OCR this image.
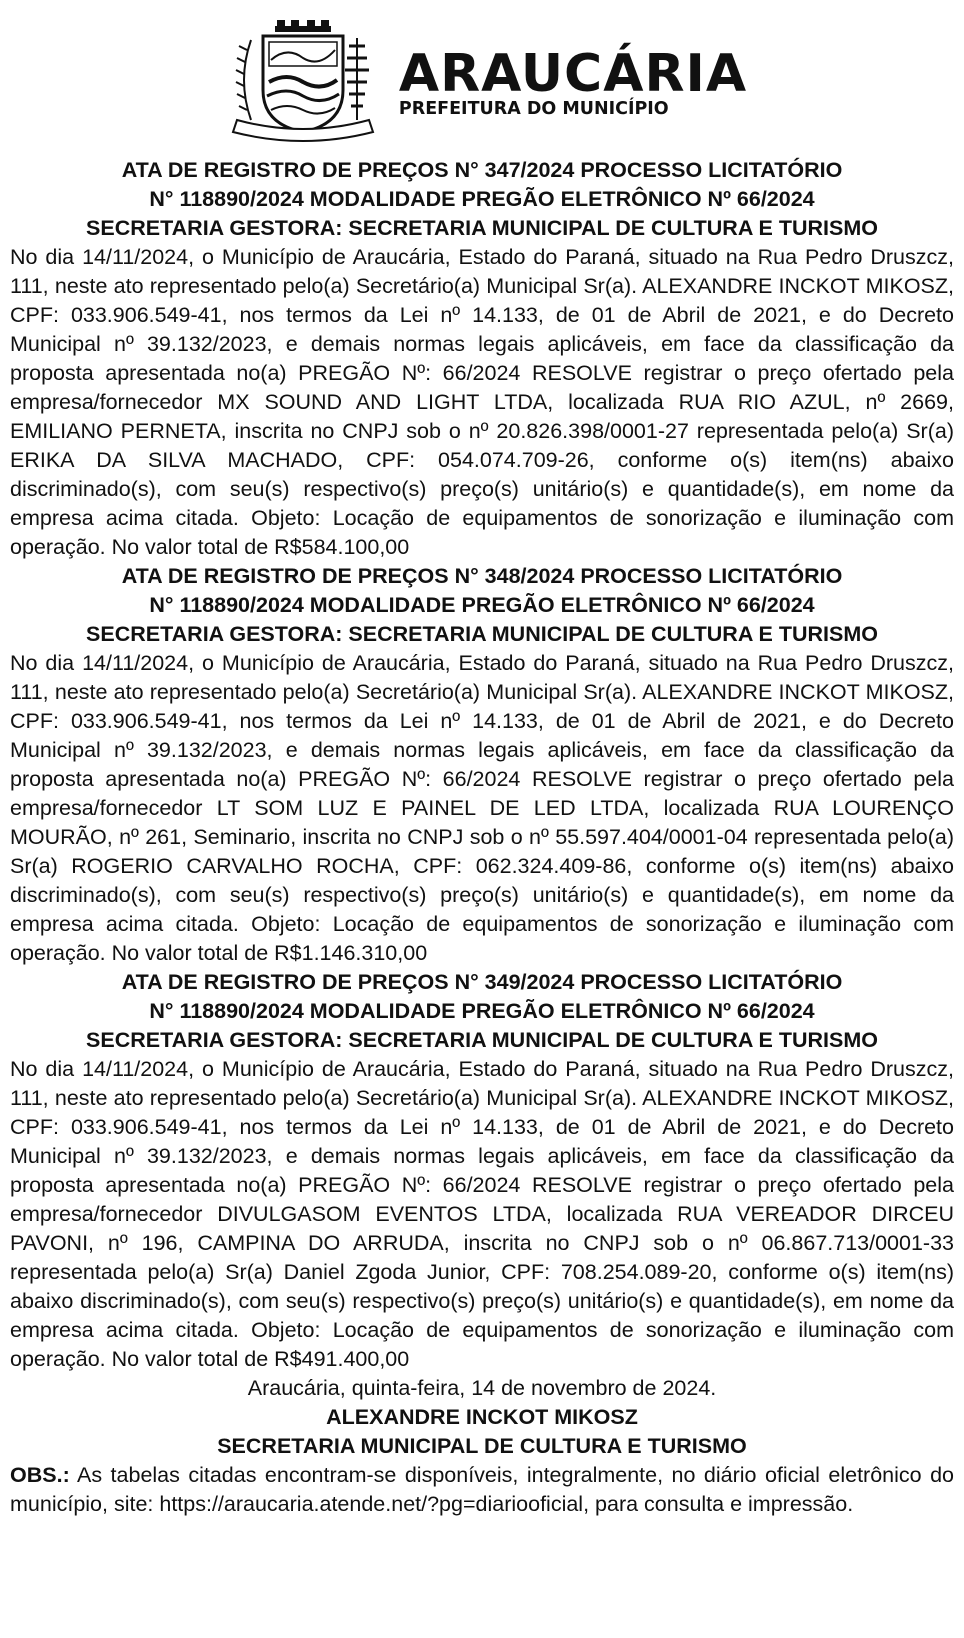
ARAUCÁRIA
PREFEITURA DO MUNICÍPIO
ATA DE REGISTRO DE PREÇOS N° 347/2024 PROCESSO LICITATÓRIO
N° 118890/2024 MODALIDADE PREGÃO ELETRÔNICO Nº 66/2024
SECRETARIA GESTORA: SECRETARIA MUNICIPAL DE CULTURA E TURISMO

No dia 14/11/2024, o Município de Araucária, Estado do Paraná, situado na Rua Pedro Druszcz, 111, neste ato representado pelo(a) Secretário(a) Municipal Sr(a). ALEXANDRE INCKOT MIKOSZ, CPF: 033.906.549-41, nos termos da Lei nº 14.133, de 01 de Abril de 2021, e do Decreto Municipal nº 39.132/2023, e demais normas legais aplicáveis, em face da classificação da proposta apresentada no(a) PREGÃO Nº: 66/2024 RESOLVE registrar o preço ofertado pela empresa/fornecedor MX SOUND AND LIGHT LTDA, localizada RUA RIO AZUL, nº 2669, EMILIANO PERNETA, inscrita no CNPJ sob o nº 20.826.398/0001-27 representada pelo(a) Sr(a) ERIKA DA SILVA MACHADO, CPF: 054.074.709-26, conforme o(s) item(ns) abaixo discriminado(s), com seu(s) respectivo(s) preço(s) unitário(s) e quantidade(s), em nome da empresa acima citada. Objeto: Locação de equipamentos de sonorização e iluminação com operação. No valor total de R$584.100,00

ATA DE REGISTRO DE PREÇOS N° 348/2024 PROCESSO LICITATÓRIO
N° 118890/2024 MODALIDADE PREGÃO ELETRÔNICO Nº 66/2024
SECRETARIA GESTORA: SECRETARIA MUNICIPAL DE CULTURA E TURISMO

No dia 14/11/2024, o Município de Araucária, Estado do Paraná, situado na Rua Pedro Druszcz, 111, neste ato representado pelo(a) Secretário(a) Municipal Sr(a). ALEXANDRE INCKOT MIKOSZ, CPF: 033.906.549-41, nos termos da Lei nº 14.133, de 01 de Abril de 2021, e do Decreto Municipal nº 39.132/2023, e demais normas legais aplicáveis, em face da classificação da proposta apresentada no(a) PREGÃO Nº: 66/2024 RESOLVE registrar o preço ofertado pela empresa/fornecedor LT SOM LUZ E PAINEL DE LED LTDA, localizada RUA LOURENÇO MOURÃO, nº 261, Seminario, inscrita no CNPJ sob o nº 55.597.404/0001-04 representada pelo(a) Sr(a) ROGERIO CARVALHO ROCHA, CPF: 062.324.409-86, conforme o(s) item(ns) abaixo discriminado(s), com seu(s) respectivo(s) preço(s) unitário(s) e quantidade(s), em nome da empresa acima citada. Objeto: Locação de equipamentos de sonorização e iluminação com operação. No valor total de R$1.146.310,00

ATA DE REGISTRO DE PREÇOS N° 349/2024 PROCESSO LICITATÓRIO
N° 118890/2024 MODALIDADE PREGÃO ELETRÔNICO Nº 66/2024
SECRETARIA GESTORA: SECRETARIA MUNICIPAL DE CULTURA E TURISMO

No dia 14/11/2024, o Município de Araucária, Estado do Paraná, situado na Rua Pedro Druszcz, 111, neste ato representado pelo(a) Secretário(a) Municipal Sr(a). ALEXANDRE INCKOT MIKOSZ, CPF: 033.906.549-41, nos termos da Lei nº 14.133, de 01 de Abril de 2021, e do Decreto Municipal nº 39.132/2023, e demais normas legais aplicáveis, em face da classificação da proposta apresentada no(a) PREGÃO Nº: 66/2024 RESOLVE registrar o preço ofertado pela empresa/fornecedor DIVULGASOM EVENTOS LTDA, localizada RUA VEREADOR DIRCEU PAVONI, nº 196, CAMPINA DO ARRUDA, inscrita no CNPJ sob o nº 06.867.713/0001-33 representada pelo(a) Sr(a) Daniel Zgoda Junior, CPF: 708.254.089-20, conforme o(s) item(ns) abaixo discriminado(s), com seu(s) respectivo(s) preço(s) unitário(s) e quantidade(s), em nome da empresa acima citada. Objeto: Locação de equipamentos de sonorização e iluminação com operação. No valor total de R$491.400,00

Araucária, quinta-feira, 14 de novembro de 2024.

ALEXANDRE INCKOT MIKOSZ

SECRETARIA MUNICIPAL DE CULTURA E TURISMO

OBS.: As tabelas citadas encontram-se disponíveis, integralmente, no diário oficial eletrônico do município, site: https://araucaria.atende.net/?pg=diariooficial, para consulta e impressão.
